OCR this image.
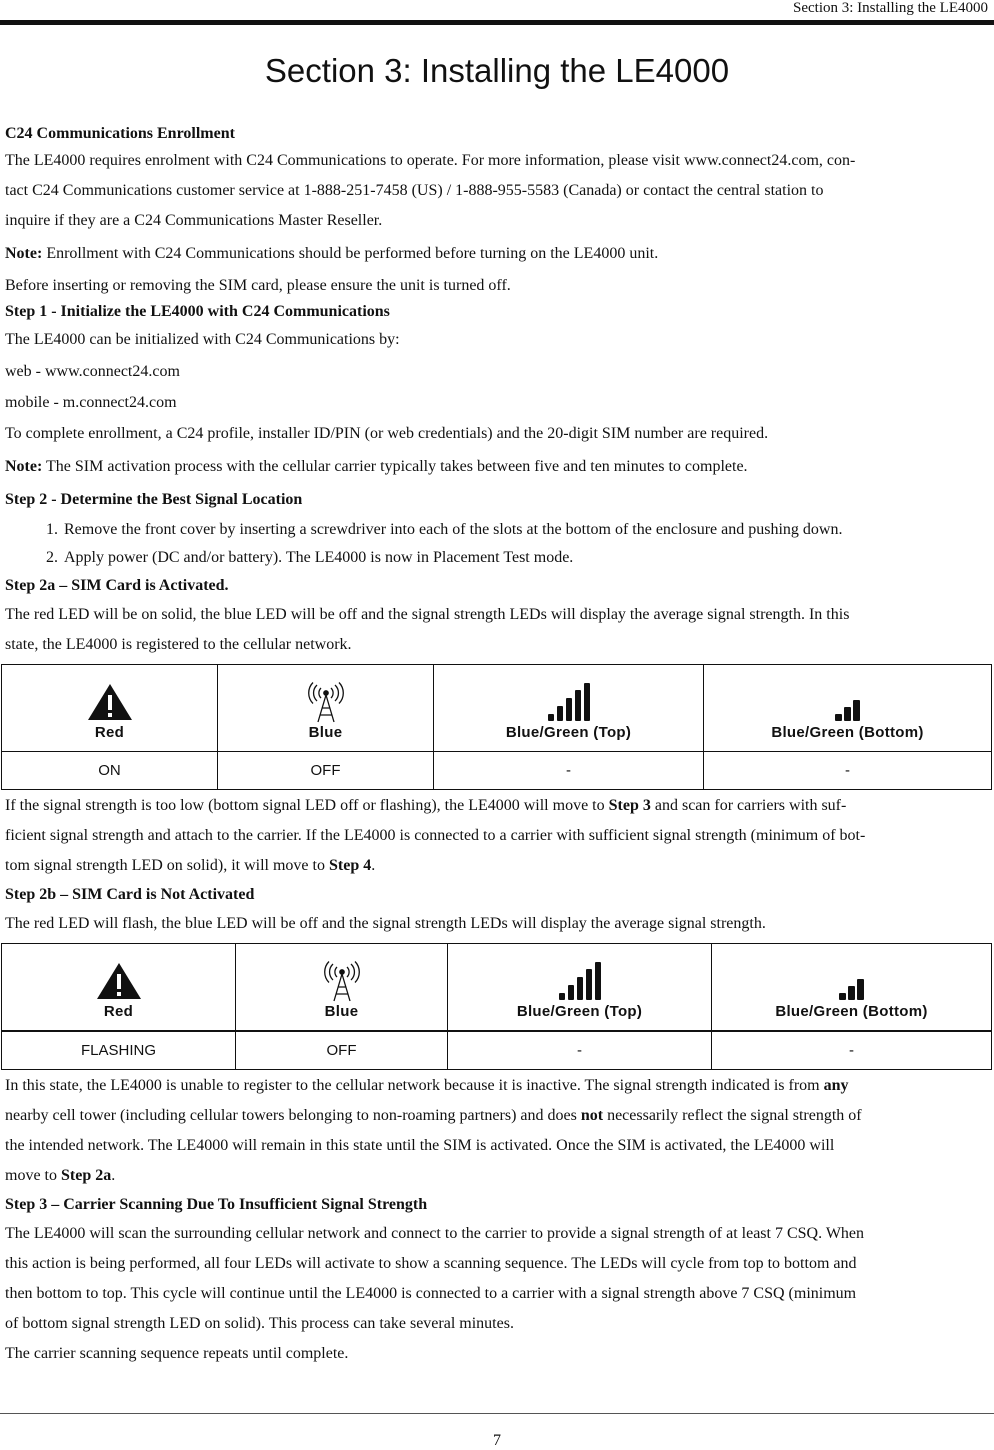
Section 3: Installing the LE4000
Section 3: Installing the LE4000
C24 Communications Enrollment
The LE4000 requires enrolment with C24 Communications to operate. For more information, please visit www.connect24.com, con-
tact C24 Communications customer service at 1-888-251-7458 (US) / 1-888-955-5583 (Canada) or contact the central station to
inquire if they are a C24 Communications Master Reseller.
Note: Enrollment with C24 Communications should be performed before turning on the LE4000 unit.
Before inserting or removing the SIM card, please ensure the unit is turned off.
Step 1 - Initialize the LE4000 with C24 Communications
The LE4000 can be initialized with C24 Communications by:
web - www.connect24.com
mobile - m.connect24.com
To complete enrollment, a C24 profile, installer ID/PIN (or web credentials) and the 20-digit SIM number are required.
Note: The SIM activation process with the cellular carrier typically takes between five and ten minutes to complete.
Step 2 - Determine the Best Signal Location
1. Remove the front cover by inserting a screwdriver into each of the slots at the bottom of the enclosure and pushing down.
2. Apply power (DC and/or battery). The LE4000 is now in Placement Test mode.
Step 2a – SIM Card is Activated.
The red LED will be on solid, the blue LED will be off and the signal strength LEDs will display the average signal strength. In this
state, the LE4000 is registered to the cellular network.
Red	Blue	Blue/Green (Top)	Blue/Green (Bottom)

ON	OFF	-	-
If the signal strength is too low (bottom signal LED off or flashing), the LE4000 will move to Step 3 and scan for carriers with suf-
ficient signal strength and attach to the carrier. If the LE4000 is connected to a carrier with sufficient signal strength (minimum of bot-
tom signal strength LED on solid), it will move to Step 4.
Step 2b – SIM Card is Not Activated
The red LED will flash, the blue LED will be off and the signal strength LEDs will display the average signal strength.
Red	Blue	Blue/Green (Top)	Blue/Green (Bottom)

FLASHING	OFF	-	-
In this state, the LE4000 is unable to register to the cellular network because it is inactive. The signal strength indicated is from any
nearby cell tower (including cellular towers belonging to non-roaming partners) and does not necessarily reflect the signal strength of
the intended network. The LE4000 will remain in this state until the SIM is activated. Once the SIM is activated, the LE4000 will
move to Step 2a.
Step 3 – Carrier Scanning Due To Insufficient Signal Strength
The LE4000 will scan the surrounding cellular network and connect to the carrier to provide a signal strength of at least 7 CSQ. When
this action is being performed, all four LEDs will activate to show a scanning sequence. The LEDs will cycle from top to bottom and
then bottom to top. This cycle will continue until the LE4000 is connected to a carrier with a signal strength above 7 CSQ (minimum
of bottom signal strength LED on solid). This process can take several minutes.
The carrier scanning sequence repeats until complete.
7
